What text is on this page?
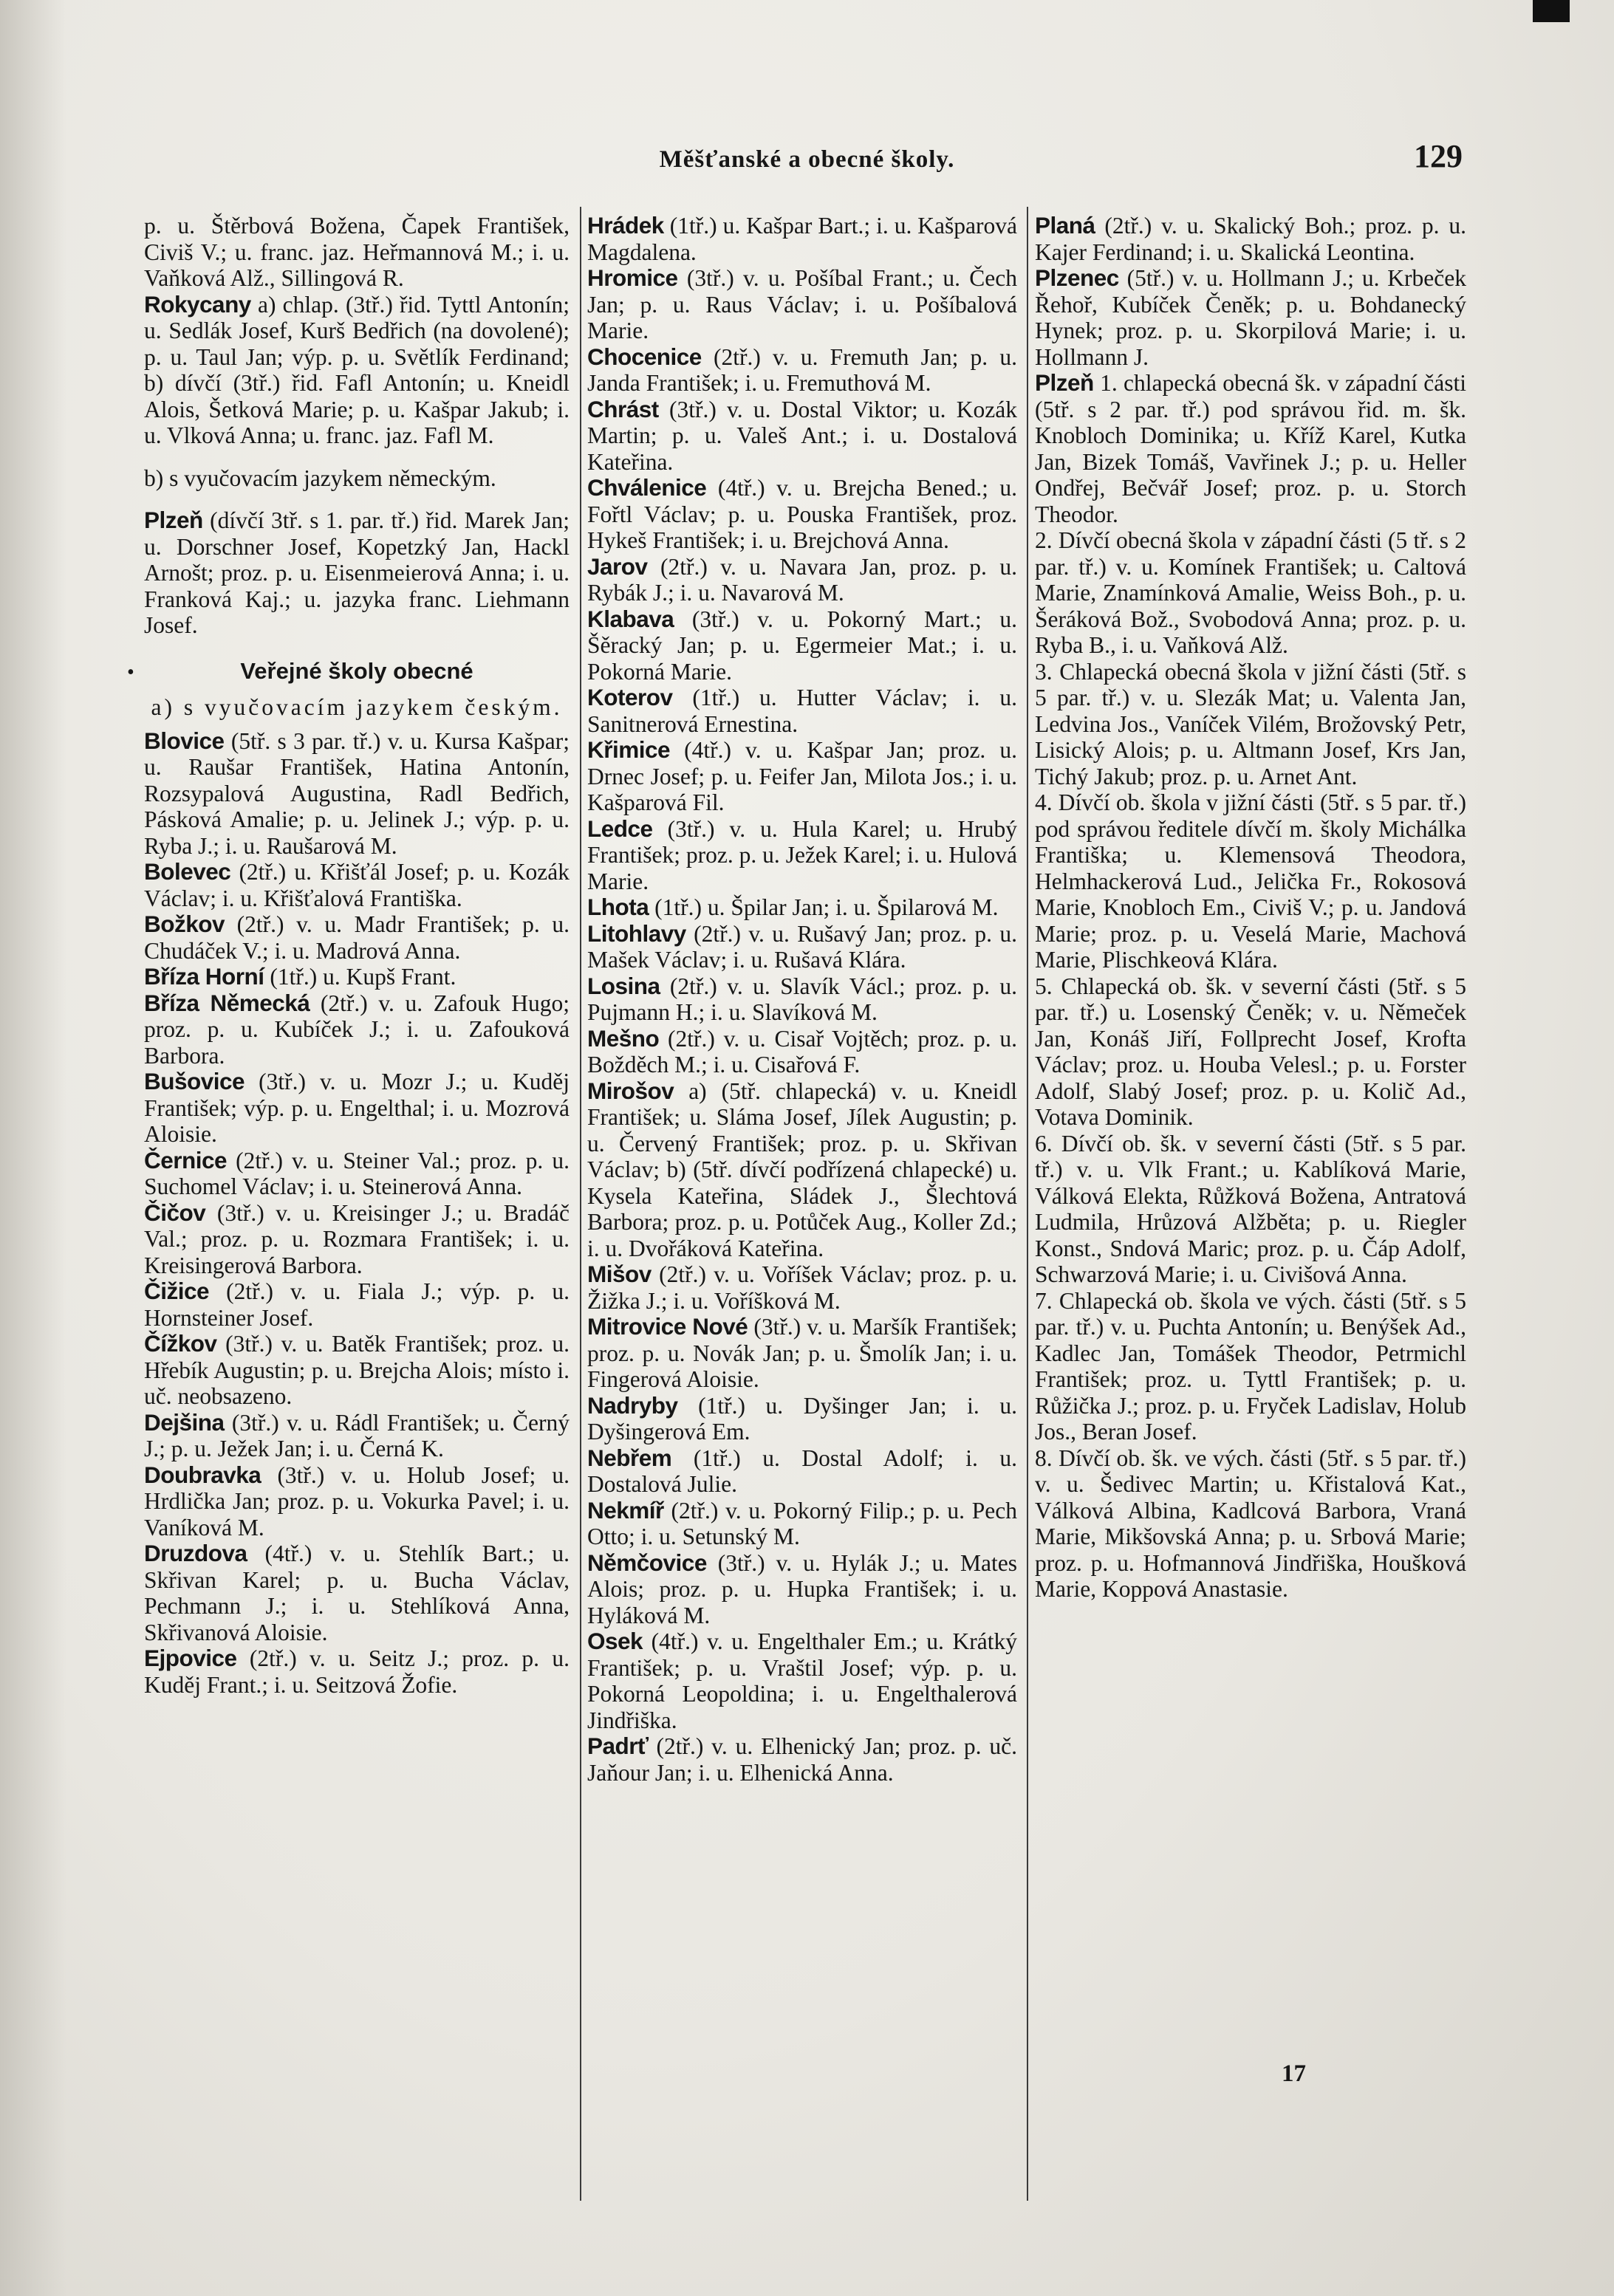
Měšťanské a obecné školy.	129
•

p. u. Štěrbová Božena, Čapek František, Civiš V.; u. franc. jaz. Heřmannová M.; i. u. Vaňková Alž., Sillingová R.

Rokycany a) chlap. (3tř.) řid. Tyttl Antonín; u. Sedlák Josef, Kurš Bedřich (na dovolené); p. u. Taul Jan; výp. p. u. Světlík Ferdinand; b) dívčí (3tř.) řid. Fafl Antonín; u. Kneidl Alois, Šetková Marie; p. u. Kašpar Jakub; i. u. Vlková Anna; u. franc. jaz. Fafl M.

b) s vyučovacím jazykem německým.

Plzeň (dívčí 3tř. s 1. par. tř.) řid. Marek Jan; u. Dorschner Josef, Kopetzký Jan, Hackl Arnošt; proz. p. u. Eisenmeierová Anna; i. u. Franková Kaj.; u. jazyka franc. Liehmann Josef.

Veřejné školy obecné
a) s vyučovacím jazykem českým.

Blovice (5tř. s 3 par. tř.) v. u. Kursa Kašpar; u. Raušar František, Hatina Antonín, Rozsypalová Augustina, Radl Bedřich, Pásková Amalie; p. u. Jelinek J.; výp. p. u. Ryba J.; i. u. Raušarová M.

Bolevec (2tř.) u. Křišťál Josef; p. u. Kozák Václav; i. u. Křišťalová Františka.

Božkov (2tř.) v. u. Madr František; p. u. Chudáček V.; i. u. Madrová Anna.

Bříza Horní (1tř.) u. Kupš Frant.

Bříza Německá (2tř.) v. u. Zafouk Hugo; proz. p. u. Kubíček J.; i. u. Zafouková Barbora.

Bušovice (3tř.) v. u. Mozr J.; u. Kuděj František; výp. p. u. Engelthal; i. u. Mozrová Aloisie.

Černice (2tř.) v. u. Steiner Val.; proz. p. u. Suchomel Václav; i. u. Steinerová Anna.

Čičov (3tř.) v. u. Kreisinger J.; u. Bradáč Val.; proz. p. u. Rozmara František; i. u. Kreisingerová Barbora.

Čižice (2tř.) v. u. Fiala J.; výp. p. u. Hornsteiner Josef.

Čížkov (3tř.) v. u. Batěk František; proz. u. Hřebík Augustin; p. u. Brejcha Alois; místo i. uč. neobsazeno.

Dejšina (3tř.) v. u. Rádl František; u. Černý J.; p. u. Ježek Jan; i. u. Černá K.

Doubravka (3tř.) v. u. Holub Josef; u. Hrdlička Jan; proz. p. u. Vokurka Pavel; i. u. Vaníková M.

Druzdova (4tř.) v. u. Stehlík Bart.; u. Skřivan Karel; p. u. Bucha Václav, Pechmann J.; i. u. Stehlíková Anna, Skřivanová Aloisie.

Ejpovice (2tř.) v. u. Seitz J.; proz. p. u. Kuděj Frant.; i. u. Seitzová Žofie.

Hrádek (1tř.) u. Kašpar Bart.; i. u. Kašparová Magdalena.

Hromice (3tř.) v. u. Pošíbal Frant.; u. Čech Jan; p. u. Raus Václav; i. u. Pošíbalová Marie.

Chocenice (2tř.) v. u. Fremuth Jan; p. u. Janda František; i. u. Fremuthová M.

Chrást (3tř.) v. u. Dostal Viktor; u. Kozák Martin; p. u. Valeš Ant.; i. u. Dostalová Kateřina.

Chválenice (4tř.) v. u. Brejcha Bened.; u. Fořtl Václav; p. u. Pouska František, proz. Hykeš František; i. u. Brejchová Anna.

Jarov (2tř.) v. u. Navara Jan, proz. p. u. Rybák J.; i. u. Navarová M.

Klabava (3tř.) v. u. Pokorný Mart.; u. Šěracký Jan; p. u. Egermeier Mat.; i. u. Pokorná Marie.

Koterov (1tř.) u. Hutter Václav; i. u. Sanitnerová Ernestina.

Křimice (4tř.) v. u. Kašpar Jan; proz. u. Drnec Josef; p. u. Feifer Jan, Milota Jos.; i. u. Kašparová Fil.

Ledce (3tř.) v. u. Hula Karel; u. Hrubý František; proz. p. u. Ježek Karel; i. u. Hulová Marie.

Lhota (1tř.) u. Špilar Jan; i. u. Špilarová M.

Litohlavy (2tř.) v. u. Rušavý Jan; proz. p. u. Mašek Václav; i. u. Rušavá Klára.

Losina (2tř.) v. u. Slavík Václ.; proz. p. u. Pujmann H.; i. u. Slavíková M.

Mešno (2tř.) v. u. Cisař Vojtěch; proz. p. u. Božděch M.; i. u. Cisařová F.

Mirošov a) (5tř. chlapecká) v. u. Kneidl František; u. Sláma Josef, Jílek Augustin; p. u. Červený František; proz. p. u. Skřivan Václav; b) (5tř. dívčí podřízená chlapecké) u. Kysela Kateřina, Sládek J., Šlechtová Barbora; proz. p. u. Potůček Aug., Koller Zd.; i. u. Dvořáková Kateřina.

Mišov (2tř.) v. u. Voříšek Václav; proz. p. u. Žižka J.; i. u. Voříšková M.

Mitrovice Nové (3tř.) v. u. Maršík František; proz. p. u. Novák Jan; p. u. Šmolík Jan; i. u. Fingerová Aloisie.

Nadryby (1tř.) u. Dyšinger Jan; i. u. Dyšingerová Em.

Nebřem (1tř.) u. Dostal Adolf; i. u. Dostalová Julie.

Nekmíř (2tř.) v. u. Pokorný Filip.; p. u. Pech Otto; i. u. Setunský M.

Němčovice (3tř.) v. u. Hylák J.; u. Mates Alois; proz. p. u. Hupka František; i. u. Hyláková M.

Osek (4tř.) v. u. Engelthaler Em.; u. Krátký František; p. u. Vraštil Josef; výp. p. u. Pokorná Leopoldina; i. u. Engelthalerová Jindřiška.

Padrť (2tř.) v. u. Elhenický Jan; proz. p. uč. Jaňour Jan; i. u. Elhenická Anna.

Planá (2tř.) v. u. Skalický Boh.; proz. p. u. Kajer Ferdinand; i. u. Skalická Leontina.

Plzenec (5tř.) v. u. Hollmann J.; u. Krbeček Řehoř, Kubíček Čeněk; p. u. Bohdanecký Hynek; proz. p. u. Skorpilová Marie; i. u. Hollmann J.

Plzeň 1. chlapecká obecná šk. v západní části (5tř. s 2 par. tř.) pod správou řid. m. šk. Knobloch Dominika; u. Kříž Karel, Kutka Jan, Bizek Tomáš, Vavřinek J.; p. u. Heller Ondřej, Bečvář Josef; proz. p. u. Storch Theodor.

2. Dívčí obecná škola v západní části (5 tř. s 2 par. tř.) v. u. Komínek František; u. Caltová Marie, Znamínková Amalie, Weiss Boh., p. u. Šeráková Bož., Svobodová Anna; proz. p. u. Ryba B., i. u. Vaňková Alž.

3. Chlapecká obecná škola v jižní části (5tř. s 5 par. tř.) v. u. Slezák Mat; u. Valenta Jan, Ledvina Jos., Vaníček Vilém, Brožovský Petr, Lisický Alois; p. u. Altmann Josef, Krs Jan, Tichý Jakub; proz. p. u. Arnet Ant.

4. Dívčí ob. škola v jižní části (5tř. s 5 par. tř.) pod správou ředitele dívčí m. školy Michálka Františka; u. Klemensová Theodora, Helmhackerová Lud., Jelička Fr., Rokosová Marie, Knobloch Em., Civiš V.; p. u. Jandová Marie; proz. p. u. Veselá Marie, Machová Marie, Plischkeová Klára.

5. Chlapecká ob. šk. v severní části (5tř. s 5 par. tř.) u. Losenský Čeněk; v. u. Němeček Jan, Konáš Jiří, Follprecht Josef, Krofta Václav; proz. u. Houba Velesl.; p. u. Forster Adolf, Slabý Josef; proz. p. u. Količ Ad., Votava Dominik.

6. Dívčí ob. šk. v severní části (5tř. s 5 par. tř.) v. u. Vlk Frant.; u. Kablíková Marie, Válková Elekta, Růžková Božena, Antratová Ludmila, Hrůzová Alžběta; p. u. Riegler Konst., Sndová Maric; proz. p. u. Čáp Adolf, Schwarzová Marie; i. u. Civišová Anna.

7. Chlapecká ob. škola ve vých. části (5tř. s 5 par. tř.) v. u. Puchta Antonín; u. Benýšek Ad., Kadlec Jan, Tomášek Theodor, Petrmichl František; proz. u. Tyttl František; p. u. Růžička J.; proz. p. u. Fryček Ladislav, Holub Jos., Beran Josef.

8. Dívčí ob. šk. ve vých. části (5tř. s 5 par. tř.) v. u. Šedivec Martin; u. Křistalová Kat., Válková Albina, Kadlcová Barbora, Vraná Marie, Mikšovská Anna; p. u. Srbová Marie; proz. p. u. Hofmannová Jindřiška, Houšková Marie, Koppová Anastasie.

17
